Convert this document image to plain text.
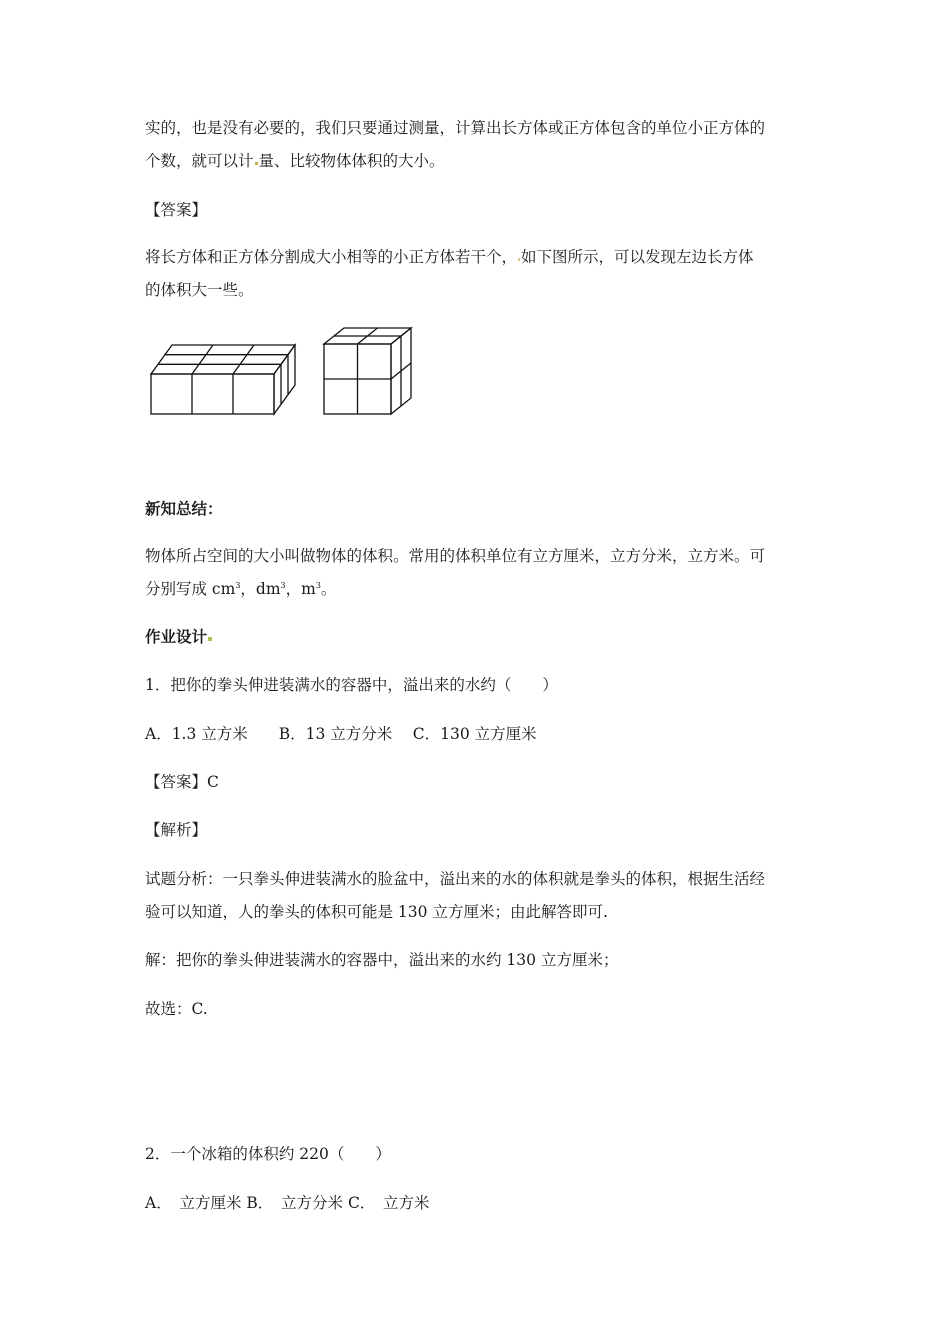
实的，也是没有必要的，我们只要通过测量，计算出长方体或正方体包含的单位小正方体的
个数，就可以计 量、比较物体体积的大小。
【答案】
将长方体和正方体分割成大小相等的小正方体若干个， 如下图所示，可以发现左边长方体
的体积大一些。
新知总结：
物体所占空间的大小叫做物体的体积。常用的体积单位有立方厘米，立方分米，立方米。可
分别写成 $cm^3$，$dm^3$，$m^3$。
作业设计
1．把你的拳头伸进装满水的容器中，溢出来的水约（　　）
A．1.3 立方米　　B．13 立方分米　 C．130 立方厘米
【答案】C
【解析】
试题分析：一只拳头伸进装满水的脸盆中，溢出来的水的体积就是拳头的体积，根据生活经
验可以知道，人的拳头的体积可能是 130 立方厘米；由此解答即可.
解：把你的拳头伸进装满水的容器中，溢出来的水约 130 立方厘米；
故选：C.
2．一个冰箱的体积约 220（　　）
A．　立方厘米 B．　立方分米 C．　立方米
